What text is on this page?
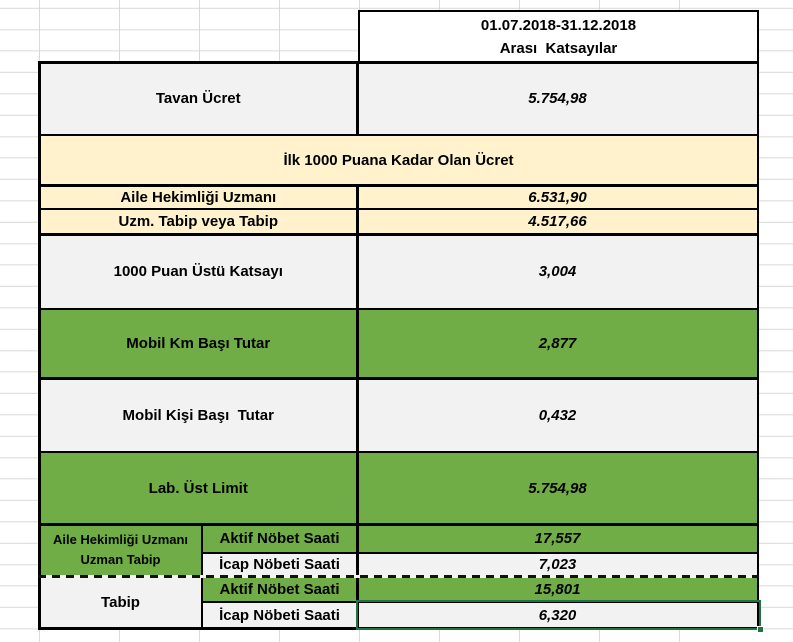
01.07.2018-31.12.2018
Arası  Katsayılar
Tavan Ücret	5.754,98
İlk 1000 Puana Kadar Olan Ücret
Aile Hekimliği Uzmanı	6.531,90
Uzm. Tabip veya Tabip	4.517,66
1000 Puan Üstü Katsayı	3,004
Mobil Km Başı Tutar	2,877
Mobil Kişi Başı  Tutar	0,432
Lab. Üst Limit	5.754,98
Aile Hekimliği Uzmanı
Uzman Tabip
Aktif Nöbet Saati	17,557
İcap Nöbeti Saati	7,023
Tabip
Aktif Nöbet Saati	15,801
İcap Nöbeti Saati	6,320
